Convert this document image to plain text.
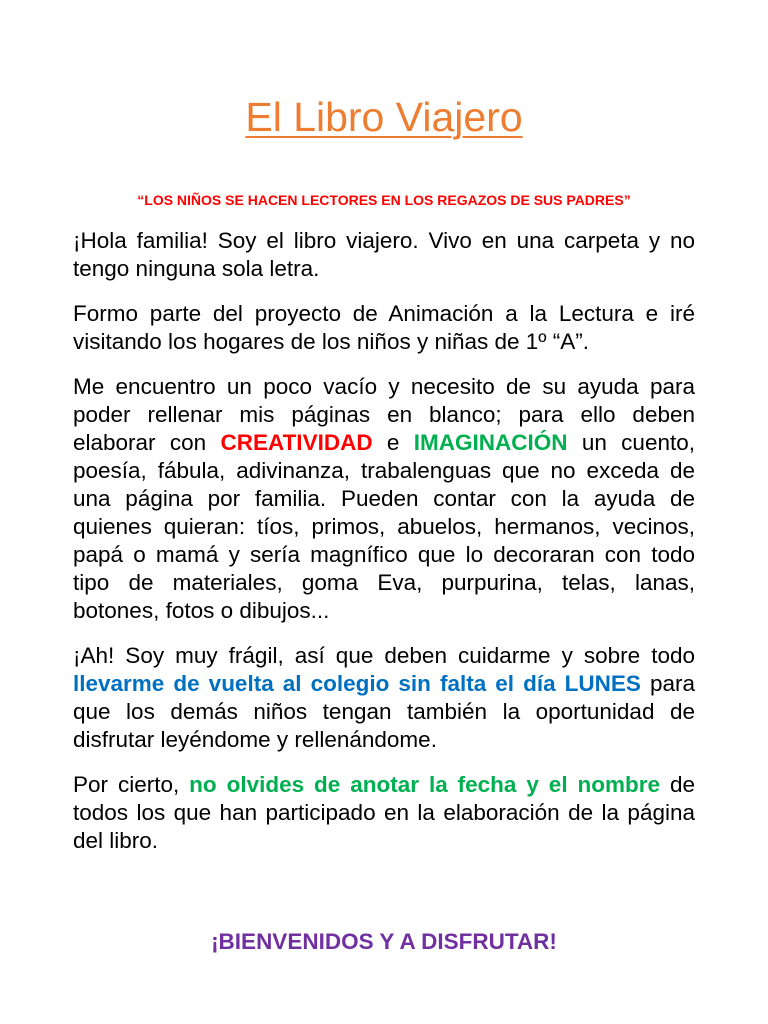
El Libro Viajero

“LOS NIÑOS SE HACEN LECTORES EN LOS REGAZOS DE SUS PADRES”

¡Hola familia! Soy el libro viajero. Vivo en una carpeta y no tengo ninguna sola letra.

Formo parte del proyecto de Animación a la Lectura e iré visitando los hogares de los niños y niñas de 1º “A”.

Me encuentro un poco vacío y necesito de su ayuda para poder rellenar mis páginas en blanco; para ello deben elaborar con CREATIVIDAD e IMAGINACIÓN un cuento, poesía, fábula, adivinanza, trabalenguas que no exceda de una página por familia. Pueden contar con la ayuda de quienes quieran: tíos, primos, abuelos, hermanos, vecinos, papá o mamá y sería magnífico que lo decoraran con todo tipo de materiales, goma Eva, purpurina, telas, lanas, botones, fotos o dibujos...

¡Ah! Soy muy frágil, así que deben cuidarme y sobre todo llevarme de vuelta al colegio sin falta el día LUNES para que los demás niños tengan también la oportunidad de disfrutar leyéndome y rellenándome.

Por cierto, no olvides de anotar la fecha y el nombre de todos los que han participado en la elaboración de la página del libro.

¡BIENVENIDOS Y A DISFRUTAR!
